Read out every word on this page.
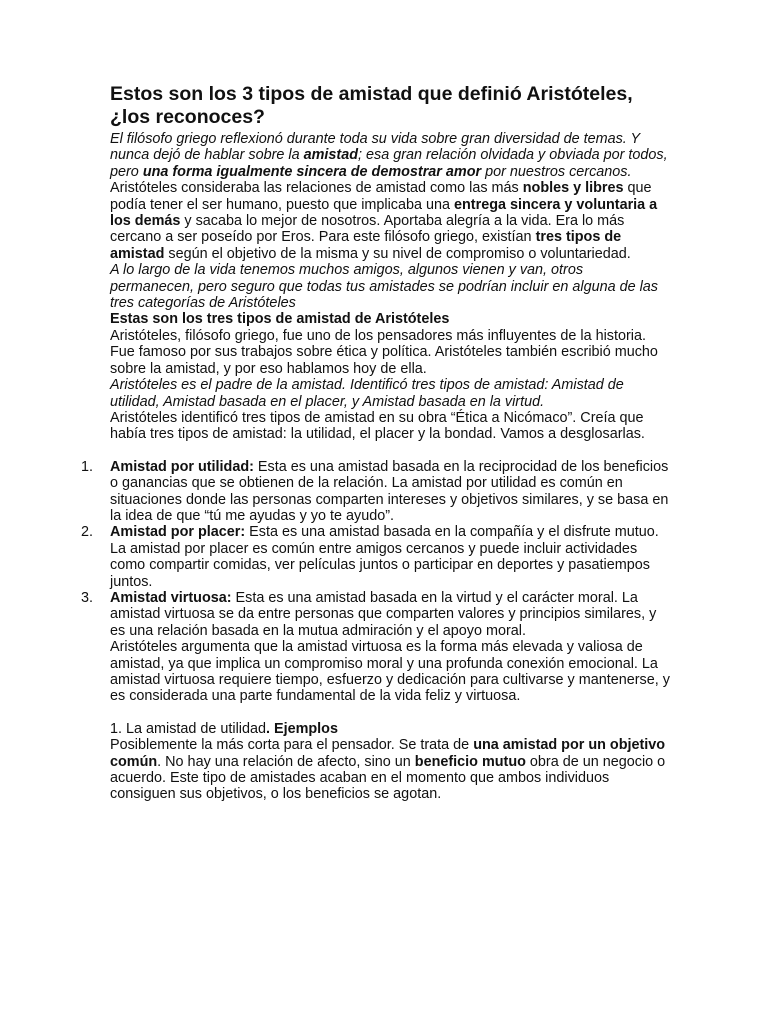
Estos son los 3 tipos de amistad que definió Aristóteles, ¿los reconoces?

El filósofo griego reflexionó durante toda su vida sobre gran diversidad de temas. Y nunca dejó de hablar sobre la amistad; esa gran relación olvidada y obviada por todos, pero una forma igualmente sincera de demostrar amor por nuestros cercanos.

Aristóteles consideraba las relaciones de amistad como las más nobles y libres que podía tener el ser humano, puesto que implicaba una entrega sincera y voluntaria a los demás y sacaba lo mejor de nosotros. Aportaba alegría a la vida. Era lo más cercano a ser poseído por Eros. Para este filósofo griego, existían tres tipos de amistad según el objetivo de la misma y su nivel de compromiso o voluntariedad.

A lo largo de la vida tenemos muchos amigos, algunos vienen y van, otros permanecen, pero seguro que todas tus amistades se podrían incluir en alguna de las tres categorías de Aristóteles

Estas son los tres tipos de amistad de Aristóteles

Aristóteles, filósofo griego, fue uno de los pensadores más influyentes de la historia. Fue famoso por sus trabajos sobre ética y política. Aristóteles también escribió mucho sobre la amistad, y por eso hablamos hoy de ella.

Aristóteles es el padre de la amistad. Identificó tres tipos de amistad: Amistad de utilidad, Amistad basada en el placer, y Amistad basada en la virtud.

Aristóteles identificó tres tipos de amistad en su obra “Ética a Nicómaco”. Creía que había tres tipos de amistad: la utilidad, el placer y la bondad. Vamos a desglosarlas.

1. Amistad por utilidad: Esta es una amistad basada en la reciprocidad de los beneficios o ganancias que se obtienen de la relación. La amistad por utilidad es común en situaciones donde las personas comparten intereses y objetivos similares, y se basa en la idea de que “tú me ayudas y yo te ayudo”.
2. Amistad por placer: Esta es una amistad basada en la compañía y el disfrute mutuo. La amistad por placer es común entre amigos cercanos y puede incluir actividades como compartir comidas, ver películas juntos o participar en deportes y pasatiempos juntos.
3. Amistad virtuosa: Esta es una amistad basada en la virtud y el carácter moral. La amistad virtuosa se da entre personas que comparten valores y principios similares, y es una relación basada en la mutua admiración y el apoyo moral.
Aristóteles argumenta que la amistad virtuosa es la forma más elevada y valiosa de amistad, ya que implica un compromiso moral y una profunda conexión emocional. La amistad virtuosa requiere tiempo, esfuerzo y dedicación para cultivarse y mantenerse, y es considerada una parte fundamental de la vida feliz y virtuosa.

1. La amistad de utilidad. Ejemplos

Posiblemente la más corta para el pensador. Se trata de una amistad por un objetivo común. No hay una relación de afecto, sino un beneficio mutuo obra de un negocio o acuerdo. Este tipo de amistades acaban en el momento que ambos individuos consiguen sus objetivos, o los beneficios se agotan.
